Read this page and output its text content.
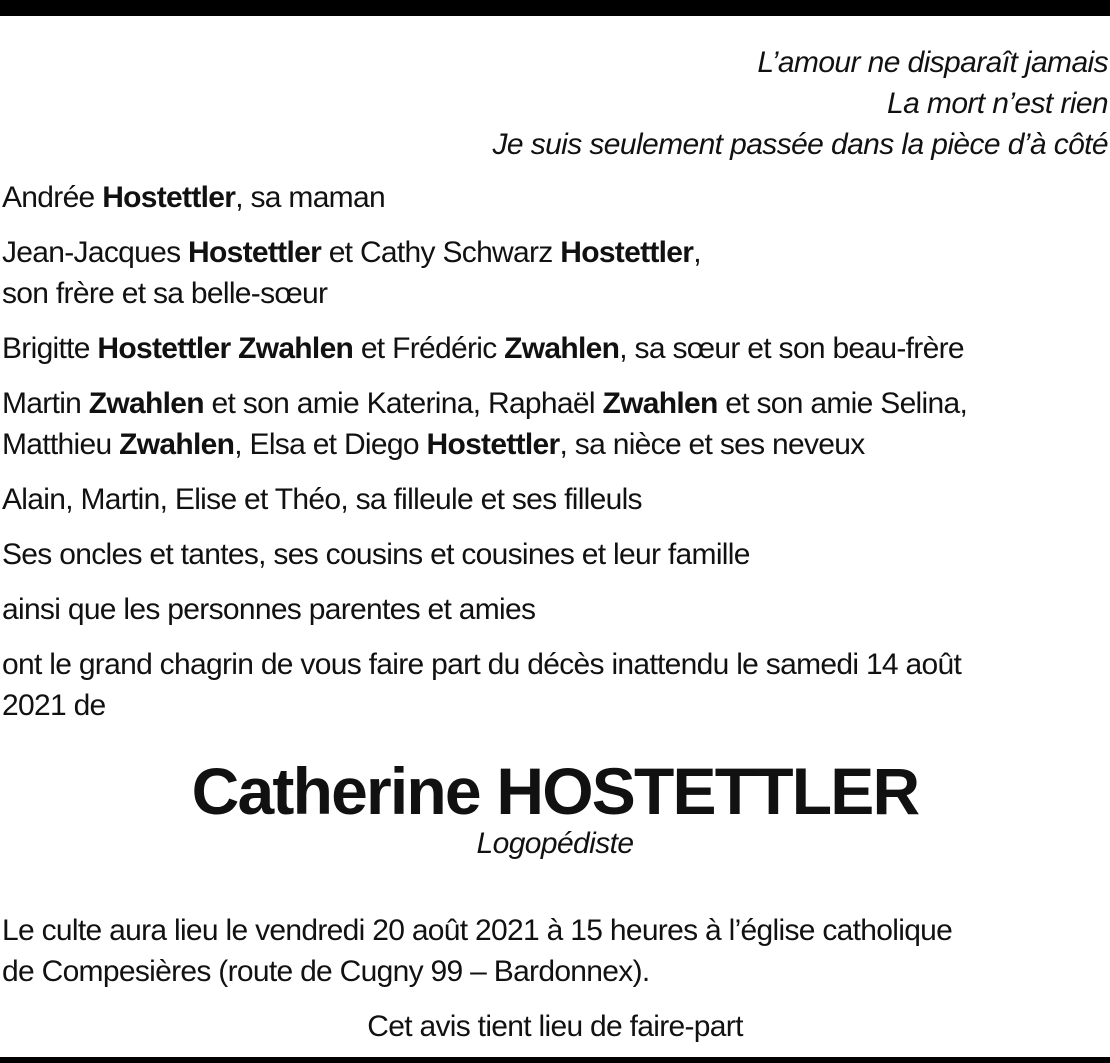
L’amour ne disparaît jamais
La mort n’est rien
Je suis seulement passée dans la pièce d’à côté
Andrée Hostettler, sa maman
Jean-Jacques Hostettler et Cathy Schwarz Hostettler,
son frère et sa belle-sœur
Brigitte Hostettler Zwahlen et Frédéric Zwahlen, sa sœur et son beau-frère
Martin Zwahlen et son amie Katerina, Raphaël Zwahlen et son amie Selina,
Matthieu Zwahlen, Elsa et Diego Hostettler, sa nièce et ses neveux
Alain, Martin, Elise et Théo, sa filleule et ses filleuls
Ses oncles et tantes, ses cousins et cousines et leur famille
ainsi que les personnes parentes et amies
ont le grand chagrin de vous faire part du décès inattendu le samedi 14 août
2021 de
Catherine HOSTETTLER
Logopédiste
Le culte aura lieu le vendredi 20 août 2021 à 15 heures à l’église catholique
de Compesières (route de Cugny 99 – Bardonnex).
Cet avis tient lieu de faire-part
